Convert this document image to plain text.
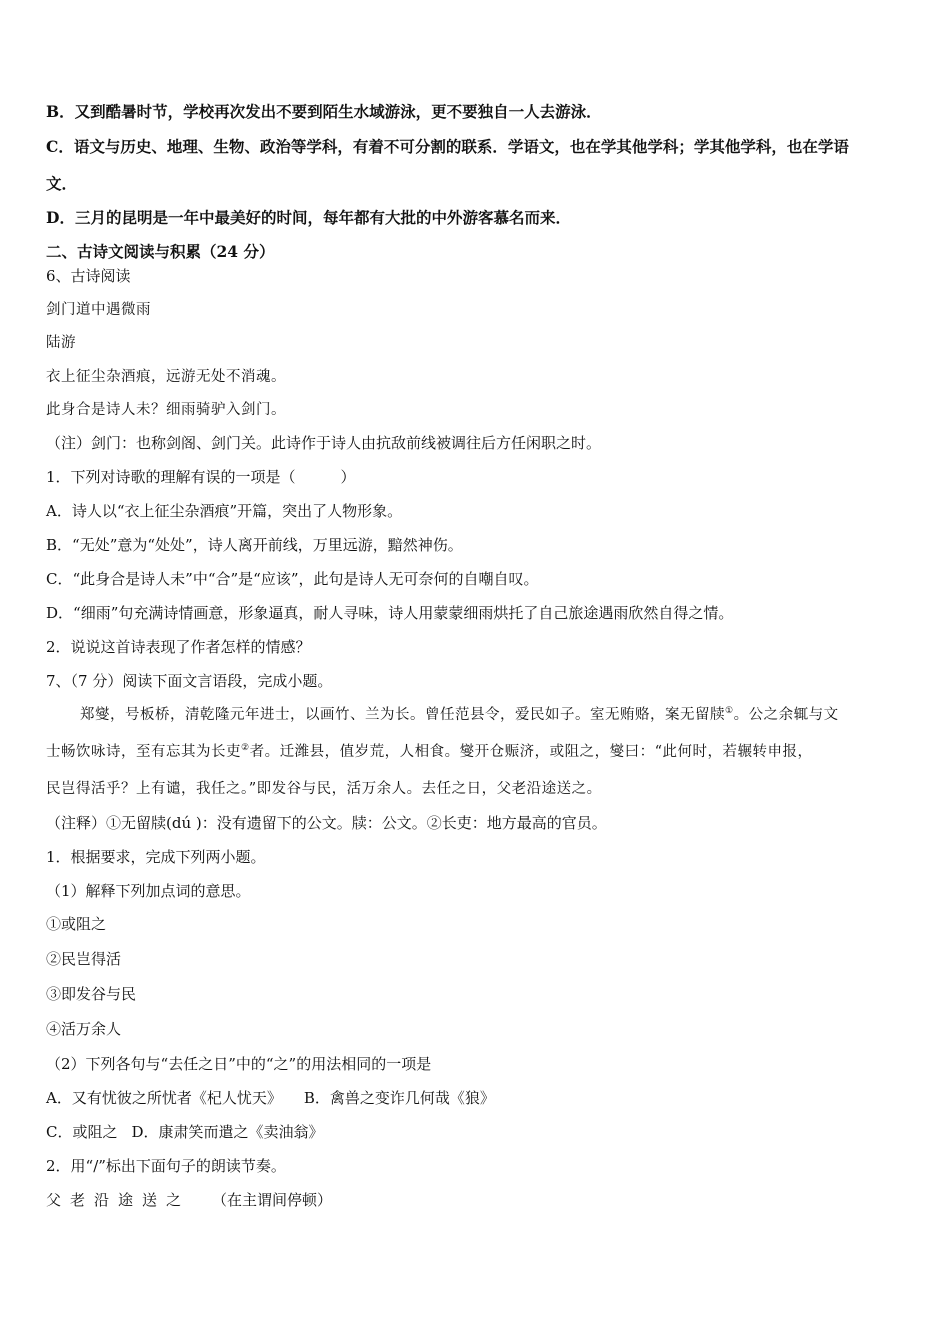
B．又到酷暑时节，学校再次发出不要到陌生水域游泳，更不要独自一人去游泳．
C．语文与历史、地理、生物、政治等学科，有着不可分割的联系．学语文，也在学其他学科；学其他学科，也在学语
文．
D．三月的昆明是一年中最美好的时间，每年都有大批的中外游客慕名而来．
二、古诗文阅读与积累（24 分）
6、古诗阅读
剑门道中遇微雨
陆游
衣上征尘杂酒痕，远游无处不消魂。
此身合是诗人未？细雨骑驴入剑门。
（注）剑门：也称剑阁、剑门关。此诗作于诗人由抗敌前线被调往后方任闲职之时。
1．下列对诗歌的理解有误的一项是（　　　）
A．诗人以“衣上征尘杂酒痕”开篇，突出了人物形象。
B．“无处”意为“处处”，诗人离开前线，万里远游，黯然神伤。
C．“此身合是诗人未”中“合”是“应该”，此句是诗人无可奈何的自嘲自叹。
D．“细雨”句充满诗情画意，形象逼真，耐人寻味，诗人用蒙蒙细雨烘托了自己旅途遇雨欣然自得之情。
2．说说这首诗表现了作者怎样的情感？
7、（7 分）阅读下面文言语段，完成小题。
郑燮，号板桥，清乾隆元年进士，以画竹、兰为长。曾任范县令，爱民如子。室无贿赂，案无留牍①。公之余辄与文
士畅饮咏诗，至有忘其为长吏②者。迁潍县，值岁荒，人相食。燮开仓赈济，或阻之，燮曰：“此何时，若辗转申报，
民岂得活乎？上有谴，我任之。”即发谷与民，活万余人。去任之日，父老沿途送之。
（注释）①无留牍(dú )：没有遗留下的公文。牍：公文。②长吏：地方最高的官员。
1．根据要求，完成下列两小题。
（1）解释下列加点词的意思。
①或阻之
②民岂得活
③即发谷与民
④活万余人
（2）下列各句与“去任之日”中的“之”的用法相同的一项是
A．又有忧彼之所忧者《杞人忧天》 B．禽兽之变诈几何哉《狼》
C．或阻之 D．康肃笑而遣之《卖油翁》
2．用“/”标出下面句子的朗读节奏。
父老沿途送之 （在主谓间停顿）
